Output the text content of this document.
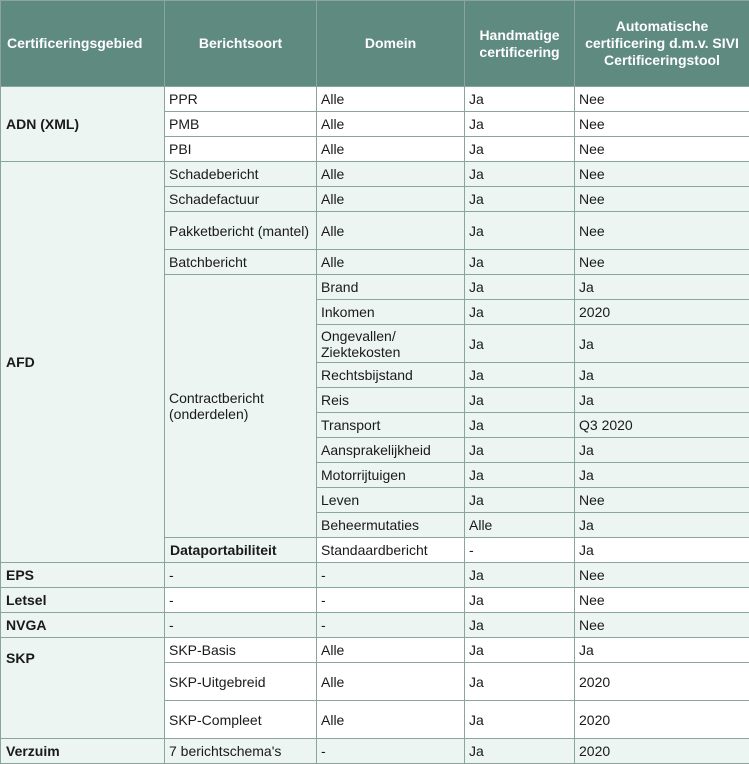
Certificeringsgebied	Berichtsoort	Domein	Handmatige certificering	Automatische certificering d.m.v. SIVI Certificeringstool	
ADN (XML)	PPR	Alle	Ja	Nee	
	PMB	Alle	Ja	Nee	
	PBI	Alle	Ja	Nee	
AFD	Schadebericht	Alle	Ja	Nee	
	Schadefactuur	Alle	Ja	Nee	
	Pakketbericht (mantel)	Alle	Ja	Nee	
	Batchbericht	Alle	Ja	Nee	
	Contractbericht (onderdelen)	Brand	Ja	Ja	
		Inkomen	Ja	2020	
		Ongevallen/ Ziektekosten	Ja	Ja	
		Rechtsbijstand	Ja	Ja	
		Reis	Ja	Ja	
		Transport	Ja	Q3 2020	
		Aansprakelijkheid	Ja	Ja	
		Motorrijtuigen	Ja	Ja	
		Leven	Ja	Nee	
		Beheermutaties	Alle	Ja	
	Dataportabiliteit	Standaardbericht	-	Ja	
EPS	-	-	Ja	Nee	
Letsel	-	-	Ja	Nee	
NVGA	-	-	Ja	Nee	
SKP	SKP-Basis	Alle	Ja	Ja	
	SKP-Uitgebreid	Alle	Ja	2020	
	SKP-Compleet	Alle	Ja	2020	
Verzuim	7 berichtschema's	-	Ja	2020	
